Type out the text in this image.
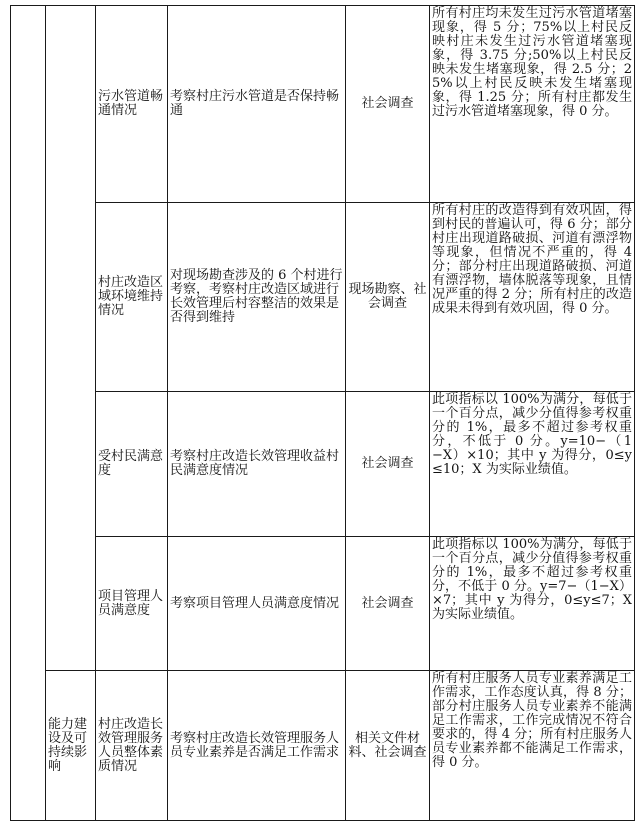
		污水管道畅通情况	考察村庄污水管道是否保持畅通	社会调查	所有村庄均未发生过污水管道堵塞现象，得 5 分；75%以上村民反映村庄未发生过污水管道堵塞现象，得 3.75 分;50%以上村民反映未发生堵塞现象，得 2.5 分；25%以上村民反映未发生堵塞现象，得 1.25 分；所有村庄都发生过污水管道堵塞现象，得 0 分。
		村庄改造区域环境维持情况	对现场勘查涉及的 6 个村进行考察，考察村庄改造区域进行长效管理后村容整洁的效果是否得到维持	现场勘察、社会调查	所有村庄的改造得到有效巩固，得到村民的普遍认可，得 6 分；部分村庄出现道路破损、河道有漂浮物等现象，但情况不严重的，得 4 分；部分村庄出现道路破损、河道有漂浮物，墙体脱落等现象，且情况严重的得 2 分；所有村庄的改造成果未得到有效巩固，得 0 分。
		受村民满意度	考察村庄改造长效管理收益村民满意度情况	社会调查	此项指标以 100%为满分，每低于一个百分点，减少分值得参考权重分的 1%，最多不超过参考权重分，不低于 0 分。y=10−（1−X）×10；其中 y 为得分，0≤y≤10；X 为实际业绩值。
		项目管理人员满意度	考察项目管理人员满意度情况	社会调查	此项指标以 100%为满分，每低于一个百分点，减少分值得参考权重分的 1%，最多不超过参考权重分，不低于 0 分。y=7−（1−X）×7；其中 y 为得分，0≤y≤7；X 为实际业绩值。
	能力建设及可持续影响	村庄改造长效管理服务人员整体素质情况	考察村庄改造长效管理服务人员专业素养是否满足工作需求	相关文件材料、社会调查	所有村庄服务人员专业素养满足工作需求，工作态度认真，得 8 分；部分村庄服务人员专业素养不能满足工作需求，工作完成情况不符合要求的，得 4 分；所有村庄服务人员专业素养都不能满足工作需求，得 0 分。
